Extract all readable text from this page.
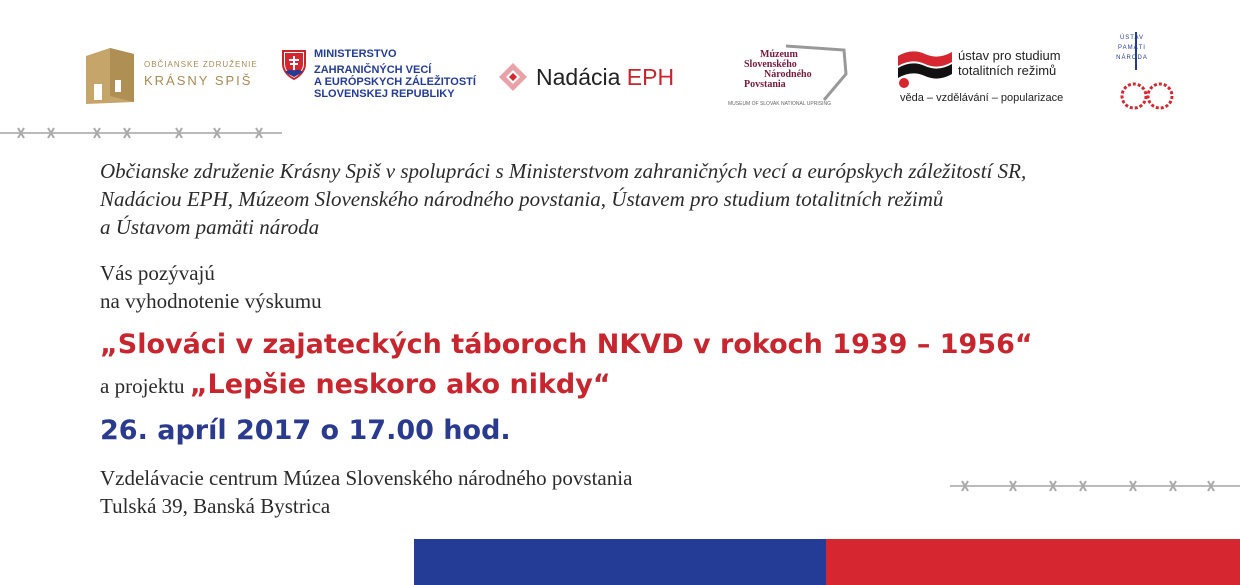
OBČIANSKE ZDRUŽENIE
KRÁSNY SPIŠ
MINISTERSTVO
ZAHRANIČNÝCH VECÍ
A EURÓPSKYCH ZÁLEŽITOSTÍ
SLOVENSKEJ REPUBLIKY
Nadácia EPH
Múzeum
Slovenského
Národného
Povstania
MUSEUM OF SLOVAK NATIONAL UPRISING
ústav pro studium
totalitních režimů
věda – vzdělávání – popularizace
ÚSTAV
PAMÄTI
NÁRODA
Občianske združenie Krásny Spiš v spolupráci s Ministerstvom zahraničných vecí a európskych záležitostí SR,
Nadáciou EPH, Múzeom Slovenského národného povstania, Ústavem pro studium totalitních režimů
a Ústavom pamäti národa
Vás pozývajú
na vyhodnotenie výskumu
„Slováci v zajateckých táboroch NKVD v rokoch 1939 – 1956“
a projektu „Lepšie neskoro ako nikdy“
26. apríl 2017 o 17.00 hod.
Vzdelávacie centrum Múzea Slovenského národného povstania
Tulská 39, Banská Bystrica
